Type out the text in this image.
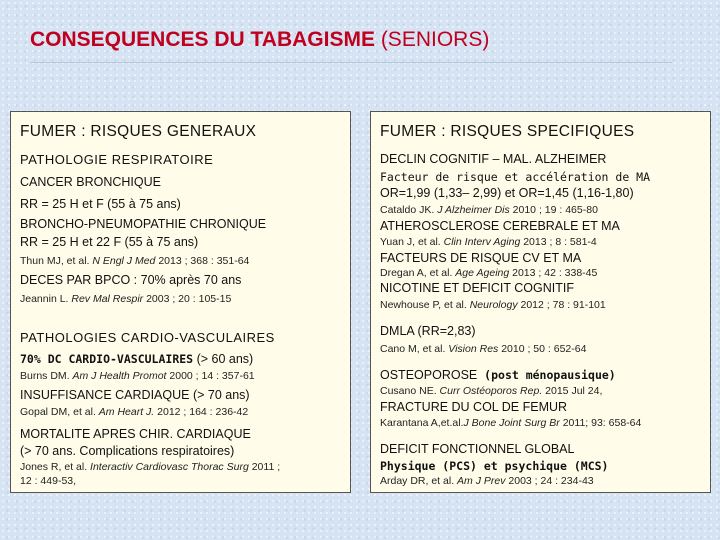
CONSEQUENCES DU TABAGISME (SENIORS)
FUMER : RISQUES GENERAUX
PATHOLOGIE RESPIRATOIRE
CANCER BRONCHIQUE
RR = 25 H et F (55 à 75 ans)
BRONCHO-PNEUMOPATHIE CHRONIQUE
RR = 25 H et 22 F (55 à 75 ans)
Thun MJ, et al. N Engl J Med 2013 ; 368 : 351-64
DECES PAR BPCO : 70% après 70 ans
Jeannin L. Rev Mal Respir 2003 ; 20 : 105-15
PATHOLOGIES CARDIO-VASCULAIRES
70% DC CARDIO-VASCULAIRES (> 60 ans)
Burns DM. Am J Health Promot 2000 ; 14 : 357-61
INSUFFISANCE CARDIAQUE (> 70 ans)
Gopal DM, et al. Am Heart J. 2012 ; 164 : 236-42
MORTALITE APRES CHIR. CARDIAQUE
(> 70 ans. Complications respiratoires)
Jones R, et al. Interactiv Cardiovasc Thorac Surg 2011 ;
12 : 449-53,
FUMER : RISQUES SPECIFIQUES
DECLIN COGNITIF – MAL. ALZHEIMER
Facteur de risque et accélération de MA
OR=1,99 (1,33– 2,99) et OR=1,45 (1,16-1,80)
Cataldo JK. J Alzheimer Dis 2010 ; 19 : 465-80
ATHEROSCLEROSE CEREBRALE ET MA
Yuan J, et al. Clin Interv Aging 2013 ; 8 : 581-4
FACTEURS DE RISQUE CV ET MA
Dregan A, et al. Age Ageing 2013 ; 42 : 338-45
NICOTINE ET DEFICIT COGNITIF
Newhouse P, et al. Neurology 2012 ; 78 : 91-101
DMLA (RR=2,83)
Cano M, et al. Vision Res 2010 ; 50 : 652-64
OSTEOPOROSE (post ménopausique)
Cusano NE. Curr Ostéoporos Rep. 2015 Jul 24,
FRACTURE DU COL DE FEMUR
Karantana A,et.al.J Bone Joint Surg Br 2011; 93: 658-64
DEFICIT FONCTIONNEL GLOBAL
Physique (PCS) et psychique (MCS)
Arday DR, et al. Am J Prev 2003 ; 24 : 234-43
